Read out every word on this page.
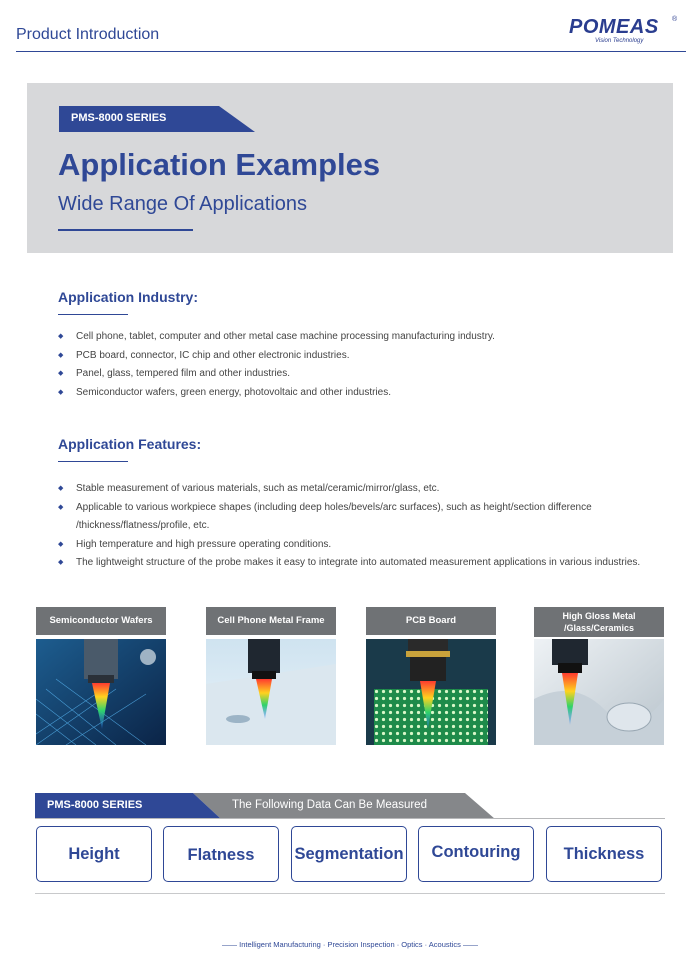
Product Introduction	POMEAS ®
Vision Technology
PMS-8000 SERIES
Application Examples
Wide Range Of Applications
Application Industry:
◆ Cell phone, tablet, computer and other metal case machine processing manufacturing industry.
◆ PCB board, connector, IC chip and other electronic industries.
◆ Panel, glass, tempered film and other industries.
◆ Semiconductor wafers, green energy, photovoltaic and other industries.
Application Features:
◆ Stable measurement of various materials, such as metal/ceramic/mirror/glass, etc.
◆ Applicable to various workpiece shapes (including deep holes/bevels/arc surfaces), such as height/section difference /thickness/flatness/profile, etc.
◆ High temperature and high pressure operating conditions.
◆ The lightweight structure of the probe makes it easy to integrate into automated measurement applications in various industries.
Semiconductor Wafers	Cell Phone Metal Frame	PCB Board	High Gloss Metal /Glass/Ceramics
PMS-8000 SERIES	The Following Data Can Be Measured
Height	Flatness	Segmentation	Contouring	Thickness
—— Intelligent Manufacturing · Precision Inspection · Optics · Acoustics ——
